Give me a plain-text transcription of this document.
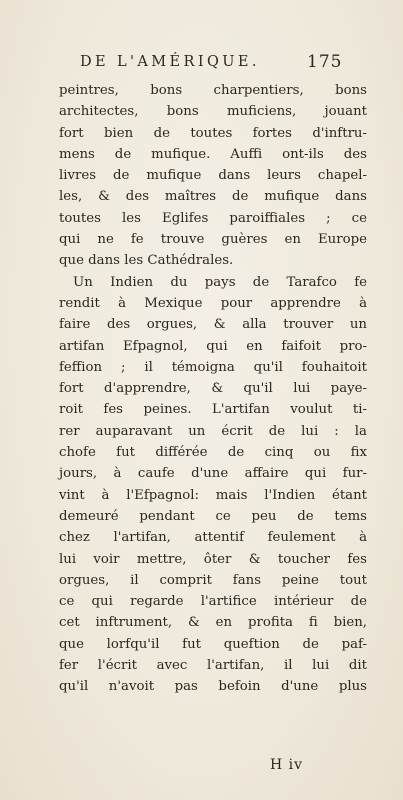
DE L'AMÉRIQUE.	175
peintres, bons charpentiers, bons
architectes, bons muficiens, jouant
fort bien de toutes fortes d'inftru-
mens de mufique. Auffi ont-ils des
livres de mufique dans leurs chapel-
les, & des maîtres de mufique dans
toutes les Eglifes paroiffiales ; ce
qui ne fe trouve guères en Europe
que dans les Cathédrales.
Un Indien du pays de Tarafco fe
rendit à Mexique pour apprendre à
faire des orgues, & alla trouver un
artifan Efpagnol, qui en faifoit pro-
feffion ; il témoigna qu'il fouhaitoit
fort d'apprendre, & qu'il lui paye-
roit fes peines. L'artifan voulut ti-
rer auparavant un écrit de lui : la
chofe fut différée de cinq ou fix
jours, à caufe d'une affaire qui fur-
vint à l'Efpagnol: mais l'Indien étant
demeuré pendant ce peu de tems
chez l'artifan, attentif feulement à
lui voir mettre, ôter & toucher fes
orgues, il comprit fans peine tout
ce qui regarde l'artifice intérieur de
cet inftrument, & en profita fi bien,
que lorfqu'il fut queftion de paf-
fer l'écrit avec l'artifan, il lui dit
qu'il n'avoit pas befoin d'une plus
H iv
